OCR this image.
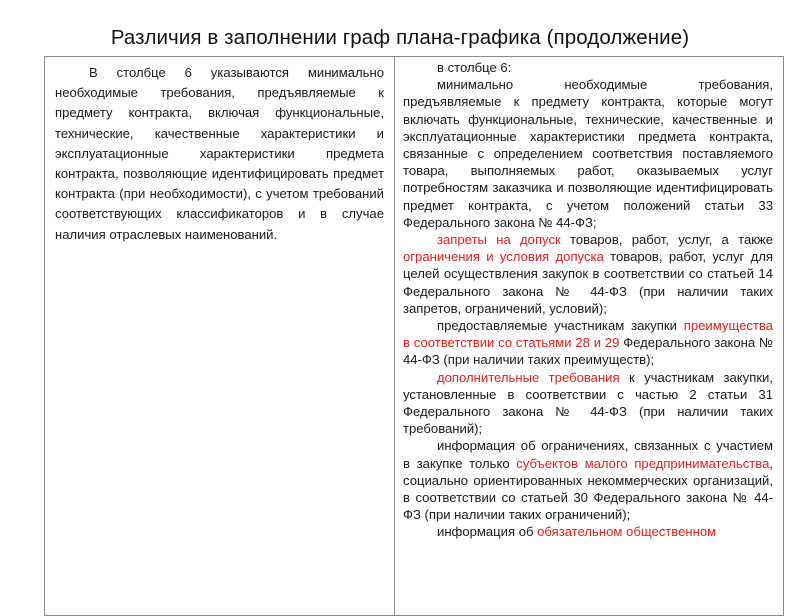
Различия в заполнении граф плана-графика (продолжение)

В столбце 6 указываются минимально необходимые требования, предъявляемые к предмету контракта, включая функциональные, технические, качественные характеристики и эксплуатационные характеристики предмета контракта, позволяющие идентифицировать предмет контракта (при необходимости), с учетом требований соответствующих классификаторов и в случае наличия отраслевых наименований.

в столбце 6:

минимально необходимые требования, предъявляемые к предмету контракта, которые могут включать функциональные, технические, качественные и эксплуатационные характеристики предмета контракта, связанные с определением соответствия поставляемого товара, выполняемых работ, оказываемых услуг потребностям заказчика и позволяющие идентифицировать предмет контракта, с учетом положений статьи 33 Федерального закона № 44-ФЗ;

запреты на допуск товаров, работ, услуг, а также ограничения и условия допуска товаров, работ, услуг для целей осуществления закупок в соответствии со статьей 14 Федерального закона № 44-ФЗ (при наличии таких запретов, ограничений, условий);

предоставляемые участникам закупки преимущества в соответствии со статьями 28 и 29 Федерального закона № 44-ФЗ (при наличии таких преимуществ);

дополнительные требования к участникам закупки, установленные в соответствии с частью 2 статьи 31 Федерального закона № 44-ФЗ (при наличии таких требований);

информация об ограничениях, связанных с участием в закупке только субъектов малого предпринимательства, социально ориентированных некоммерческих организаций, в соответствии со статьей 30 Федерального закона № 44-ФЗ (при наличии таких ограничений);

информация об обязательном общественном
